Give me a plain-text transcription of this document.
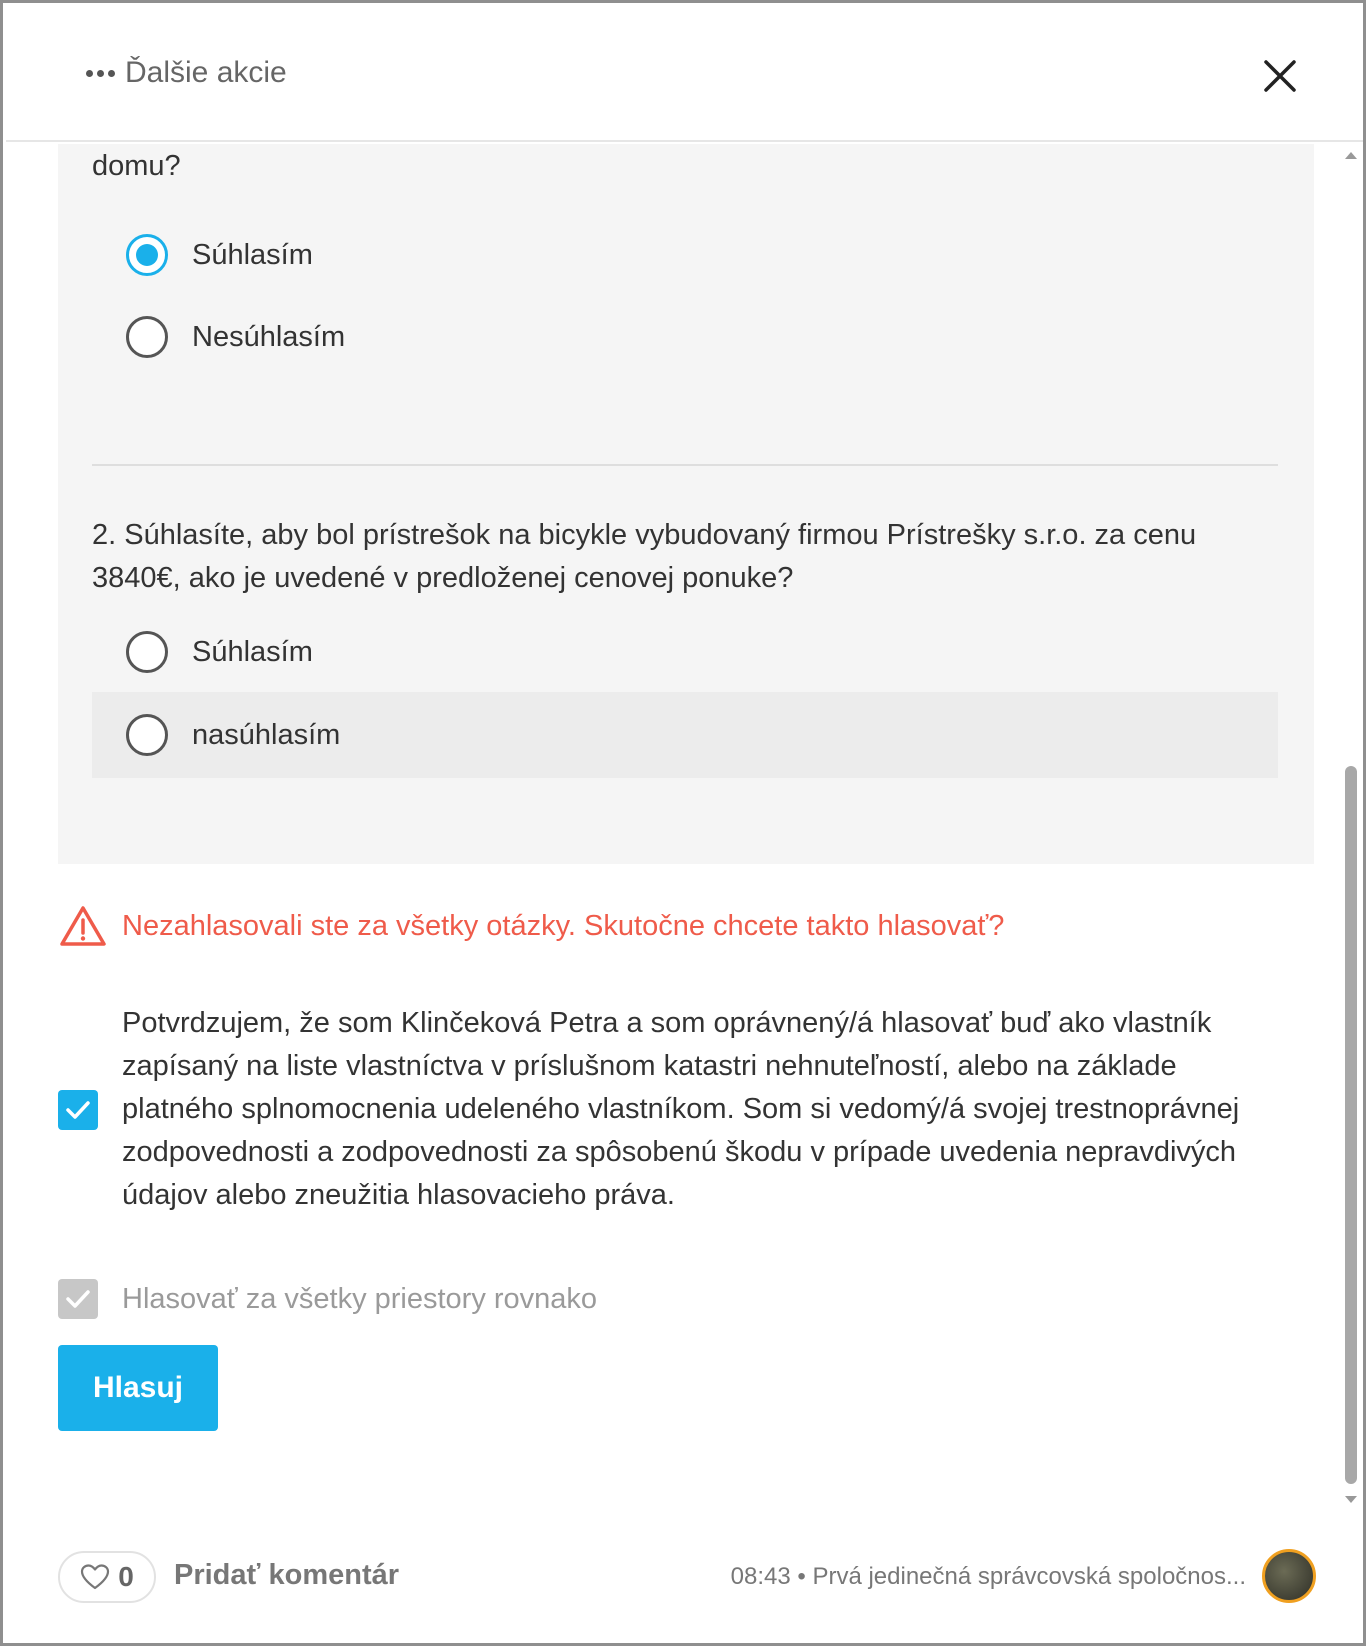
Ďalšie akcie
domu?
Súhlasím
Nesúhlasím
2. Súhlasíte, aby bol prístrešok na bicykle vybudovaný firmou Prístrešky s.r.o. za cenu 3840€, ako je uvedené v predloženej cenovej ponuke?
Súhlasím
nasúhlasím
Nezahlasovali ste za všetky otázky. Skutočne chcete takto hlasovať?
Potvrdzujem, že som Klinčeková Petra a som oprávnený/á hlasovať buď ako vlastník zapísaný na liste vlastníctva v príslušnom katastri nehnuteľností, alebo na základe platného splnomocnenia udeleného vlastníkom. Som si vedomý/á svojej trestnoprávnej zodpovednosti a zodpovednosti za spôsobenú škodu v prípade uvedenia nepravdivých údajov alebo zneužitia hlasovacieho práva.
Hlasovať za všetky priestory rovnako
Hlasuj
0 Pridať komentár	08:43 • Prvá jedinečná správcovská spoločnos...
